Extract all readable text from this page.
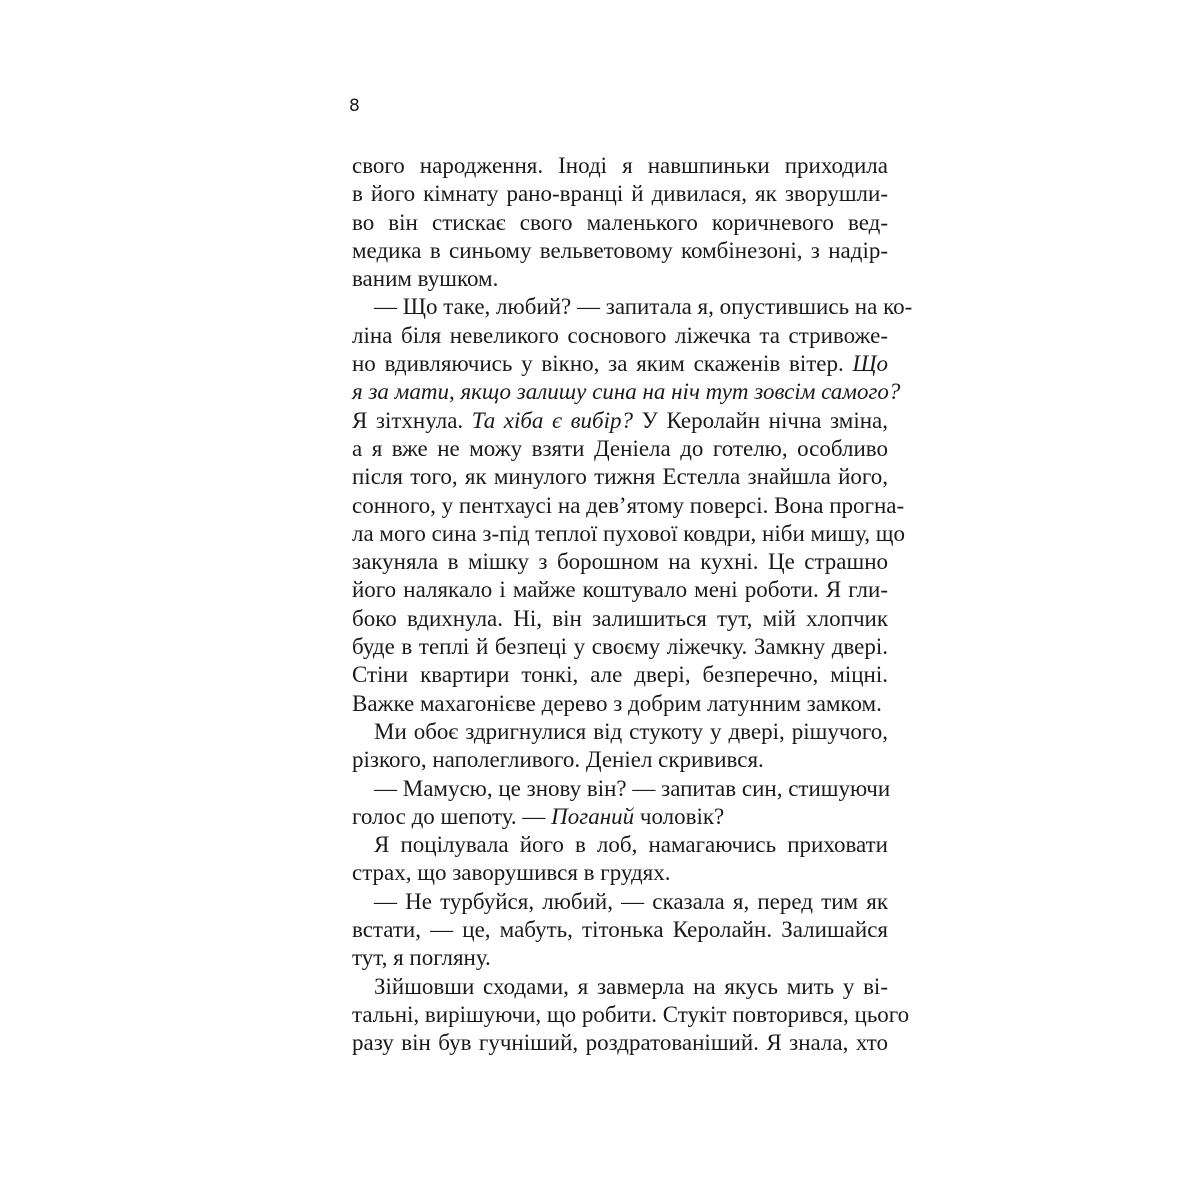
8
свого народження. Іноді я навшпиньки приходила
в його кімнату рано-вранці й дивилася, як зворушли-
во він стискає свого маленького коричневого вед-
медика в синьому вельветовому комбінезоні, з надір-
ваним вушком.
— Що таке, любий? — запитала я, опустившись на ко-
ліна біля невеликого соснового ліжечка та стривоже-
но вдивляючись у вікно, за яким скаженів вітер. Що
я за мати, якщо залишу сина на ніч тут зовсім самого?
Я зітхнула. Та хіба є вибір? У Керолайн нічна зміна,
а я вже не можу взяти Деніела до готелю, особливо
після того, як минулого тижня Естелла знайшла його,
сонного, у пентхаусі на дев’ятому поверсі. Вона прогна-
ла мого сина з-під теплої пухової ковдри, ніби мишу, що
закуняла в мішку з борошном на кухні. Це страшно
його налякало і майже коштувало мені роботи. Я гли-
боко вдихнула. Ні, він залишиться тут, мій хлопчик
буде в теплі й безпеці у своєму ліжечку. Замкну двері.
Стіни квартири тонкі, але двері, безперечно, міцні.
Важке махагонієве дерево з добрим латунним замком.
Ми обоє здригнулися від стукоту у двері, рішучого,
різкого, наполегливого. Деніел скривився.
— Мамусю, це знову він? — запитав син, стишуючи
голос до шепоту. — Поганий чоловік?
Я поцілувала його в лоб, намагаючись приховати
страх, що заворушився в грудях.
— Не турбуйся, любий, — сказала я, перед тим як
встати, — це, мабуть, тітонька Керолайн. Залишайся
тут, я погляну.
Зійшовши сходами, я завмерла на якусь мить у ві-
тальні, вирішуючи, що робити. Стукіт повторився, цього
разу він був гучніший, роздратованіший. Я знала, хто
